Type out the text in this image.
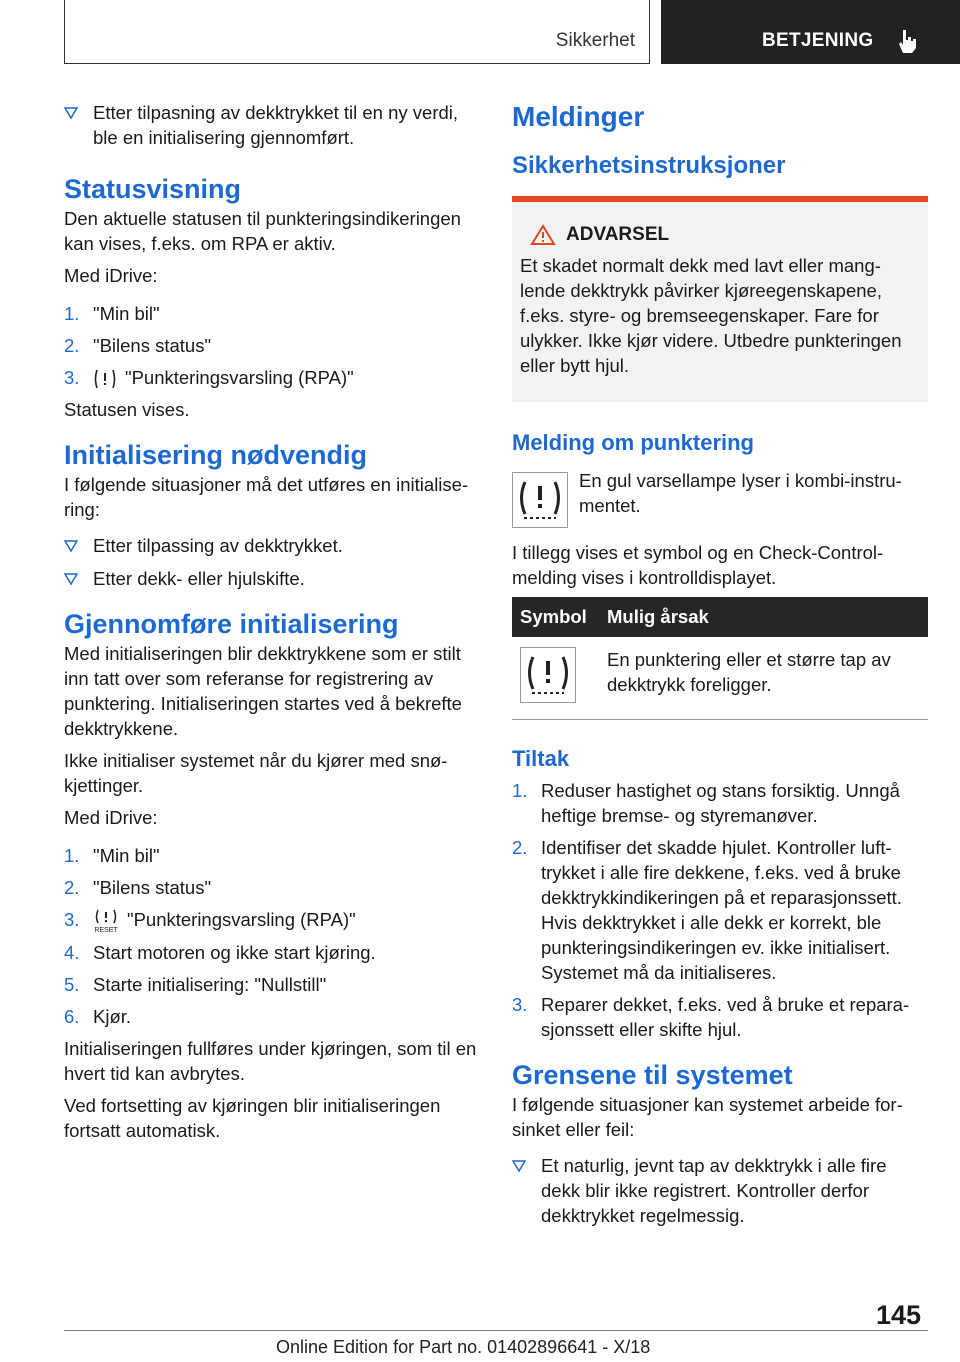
Sikkerhet	BETJENING
Etter tilpasning av dekktrykket til en ny verdi, ble en initialisering gjennomført.
Statusvisning
Den aktuelle statusen til punkteringsindikeringen kan vises, f.eks. om RPA er aktiv.
Med iDrive:
1. "Min bil"
2. "Bilens status"
3. "Punkteringsvarsling (RPA)"
Statusen vises.
Initialisering nødvendig
I følgende situasjoner må det utføres en initialise-ring:
Etter tilpassing av dekktrykket.
Etter dekk- eller hjulskifte.
Gjennomføre initialisering
Med initialiseringen blir dekktrykkene som er stilt inn tatt over som referanse for registrering av punktering. Initialiseringen startes ved å bekrefte dekktrykkene.
Ikke initialiser systemet når du kjører med snø-kjettinger.
Med iDrive:
1. "Min bil"
2. "Bilens status"
3.
RESET
"Punkteringsvarsling (RPA)"
4. Start motoren og ikke start kjøring.
5. Starte initialisering: "Nullstill"
6. Kjør.
Initialiseringen fullføres under kjøringen, som til en hvert tid kan avbrytes.
Ved fortsetting av kjøringen blir initialiseringen fortsatt automatisk.
Meldinger
Sikkerhetsinstruksjoner
ADVARSEL
Et skadet normalt dekk med lavt eller mang-lende dekktrykk påvirker kjøreegenskapene, f.eks. styre- og bremseegenskaper. Fare for ulykker. Ikke kjør videre. Utbedre punkteringen eller bytt hjul.
Melding om punktering
En gul varsellampe lyser i kombi-instru-mentet.
I tillegg vises et symbol og en Check-Control-melding vises i kontrolldisplayet.
Symbol	Mulig årsak
	En punktering eller et større tap av dekktrykk foreligger.
Tiltak
1. Reduser hastighet og stans forsiktig. Unngå heftige bremse- og styremanøver.
2. Identifiser det skadde hjulet. Kontroller luft-trykket i alle fire dekkene, f.eks. ved å bruke dekktrykkindikeringen på et reparasjonssett. Hvis dekktrykket i alle dekk er korrekt, ble punkteringsindikeringen ev. ikke initialisert. Systemet må da initialiseres.
3. Reparer dekket, f.eks. ved å bruke et repara-sjonssett eller skifte hjul.
Grensene til systemet
I følgende situasjoner kan systemet arbeide for-sinket eller feil:
Et naturlig, jevnt tap av dekktrykk i alle fire dekk blir ikke registrert. Kontroller derfor dekktrykket regelmessig.
145
Online Edition for Part no. 01402896641 - X/18
